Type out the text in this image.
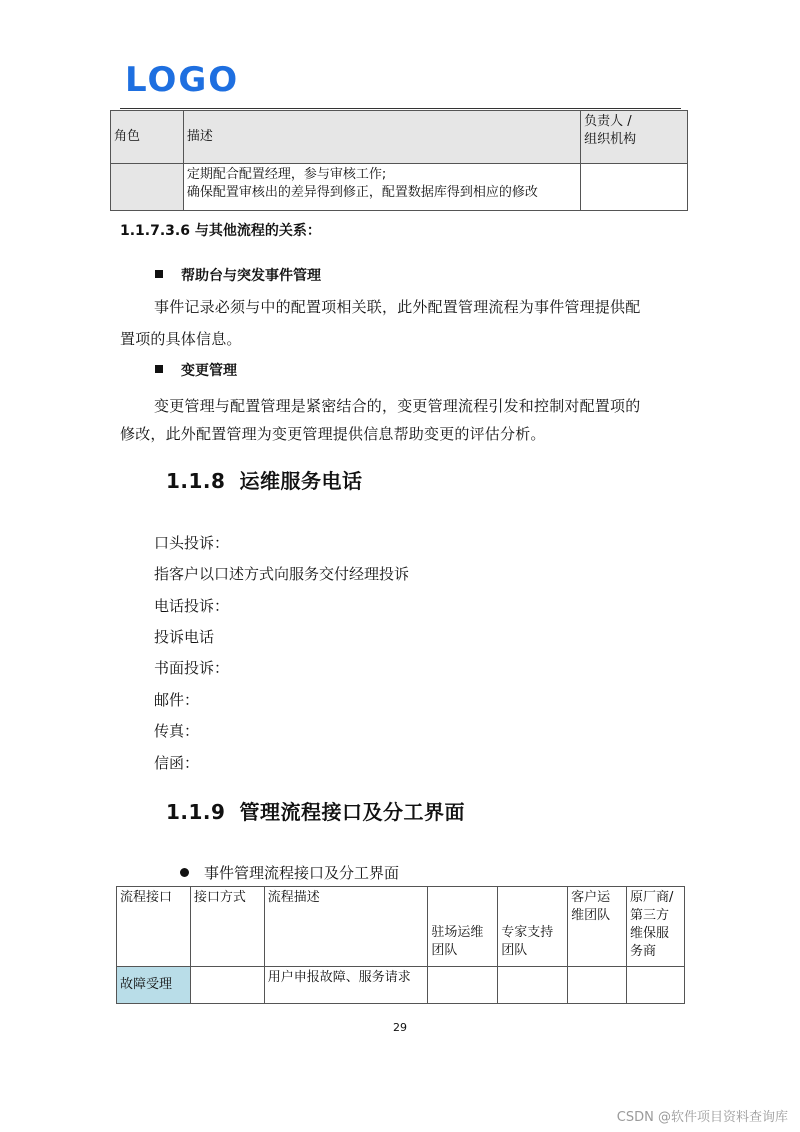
LOGO
角色	描述	负责人 /
组织机构
	定期配合配置经理，参与审核工作;
确保配置审核出的差异得到修正，配置数据库得到相应的修改	
1.1.7.3.6 与其他流程的关系：
帮助台与突发事件管理
事件记录必须与中的配置项相关联，此外配置管理流程为事件管理提供配
置项的具体信息。
变更管理
变更管理与配置管理是紧密结合的，变更管理流程引发和控制对配置项的
修改，此外配置管理为变更管理提供信息帮助变更的评估分析。
1.1.8 运维服务电话
口头投诉：
指客户以口述方式向服务交付经理投诉
电话投诉：
投诉电话
书面投诉：
邮件：
传真：
信函：
1.1.9 管理流程接口及分工界面
事件管理流程接口及分工界面
流程接口	接口方式	流程描述	驻场运维团队	专家支持团队	客户运维团队	原厂商/第三方维保服务商
故障受理		用户申报故障、服务请求				
29
CSDN @软件项目资料查询库
